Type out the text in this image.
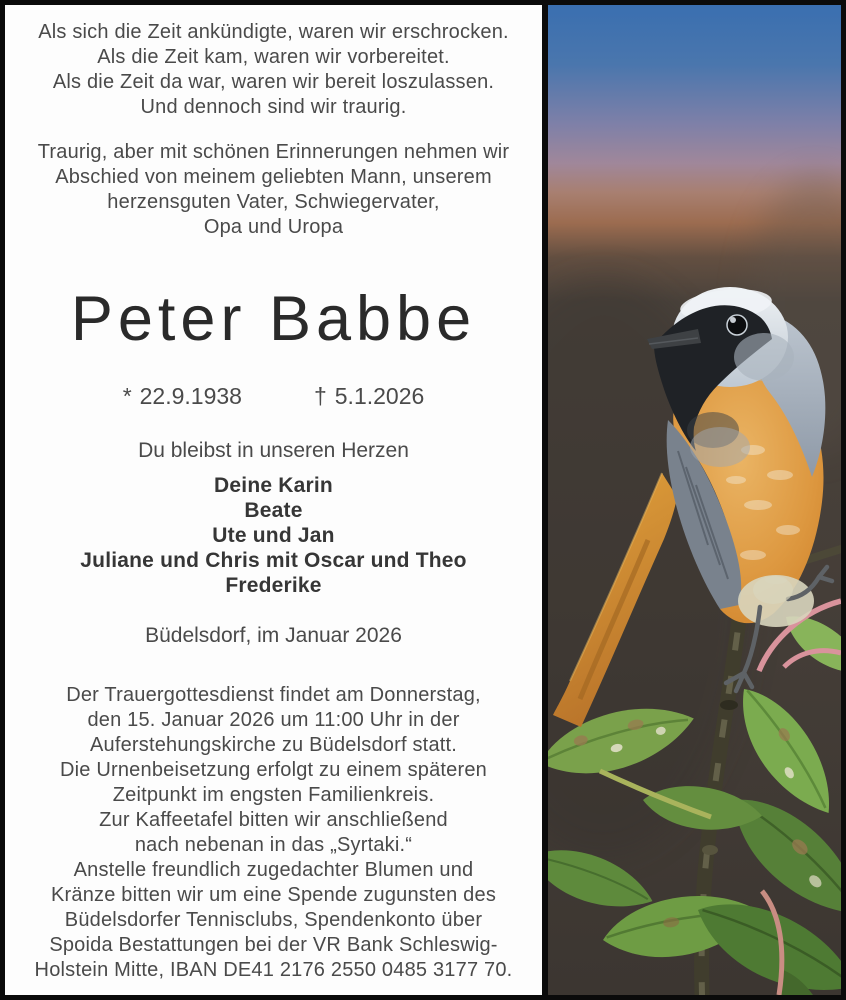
Als sich die Zeit ankündigte, waren wir erschrocken.
Als die Zeit kam, waren wir vorbereitet.
Als die Zeit da war, waren wir bereit loszulassen.
Und dennoch sind wir traurig.
Traurig, aber mit schönen Erinnerungen nehmen wir
Abschied von meinem geliebten Mann, unserem
herzensguten Vater, Schwiegervater,
Opa und Uropa
Peter Babbe
* 22.9.1938	† 5.1.2026
Du bleibst in unseren Herzen
Deine Karin
Beate
Ute und Jan
Juliane und Chris mit Oscar und Theo
Frederike
Büdelsdorf, im Januar 2026
Der Trauergottesdienst findet am Donnerstag,
den 15. Januar 2026 um 11:00 Uhr in der
Auferstehungskirche zu Büdelsdorf statt.
Die Urnenbeisetzung erfolgt zu einem späteren
Zeitpunkt im engsten Familienkreis.
Zur Kaffeetafel bitten wir anschließend
nach nebenan in das „Syrtaki.“
Anstelle freundlich zugedachter Blumen und
Kränze bitten wir um eine Spende zugunsten des
Büdelsdorfer Tennisclubs, Spendenkonto über
Spoida Bestattungen bei der VR Bank Schleswig-
Holstein Mitte, IBAN DE41 2176 2550 0485 3177 70.
